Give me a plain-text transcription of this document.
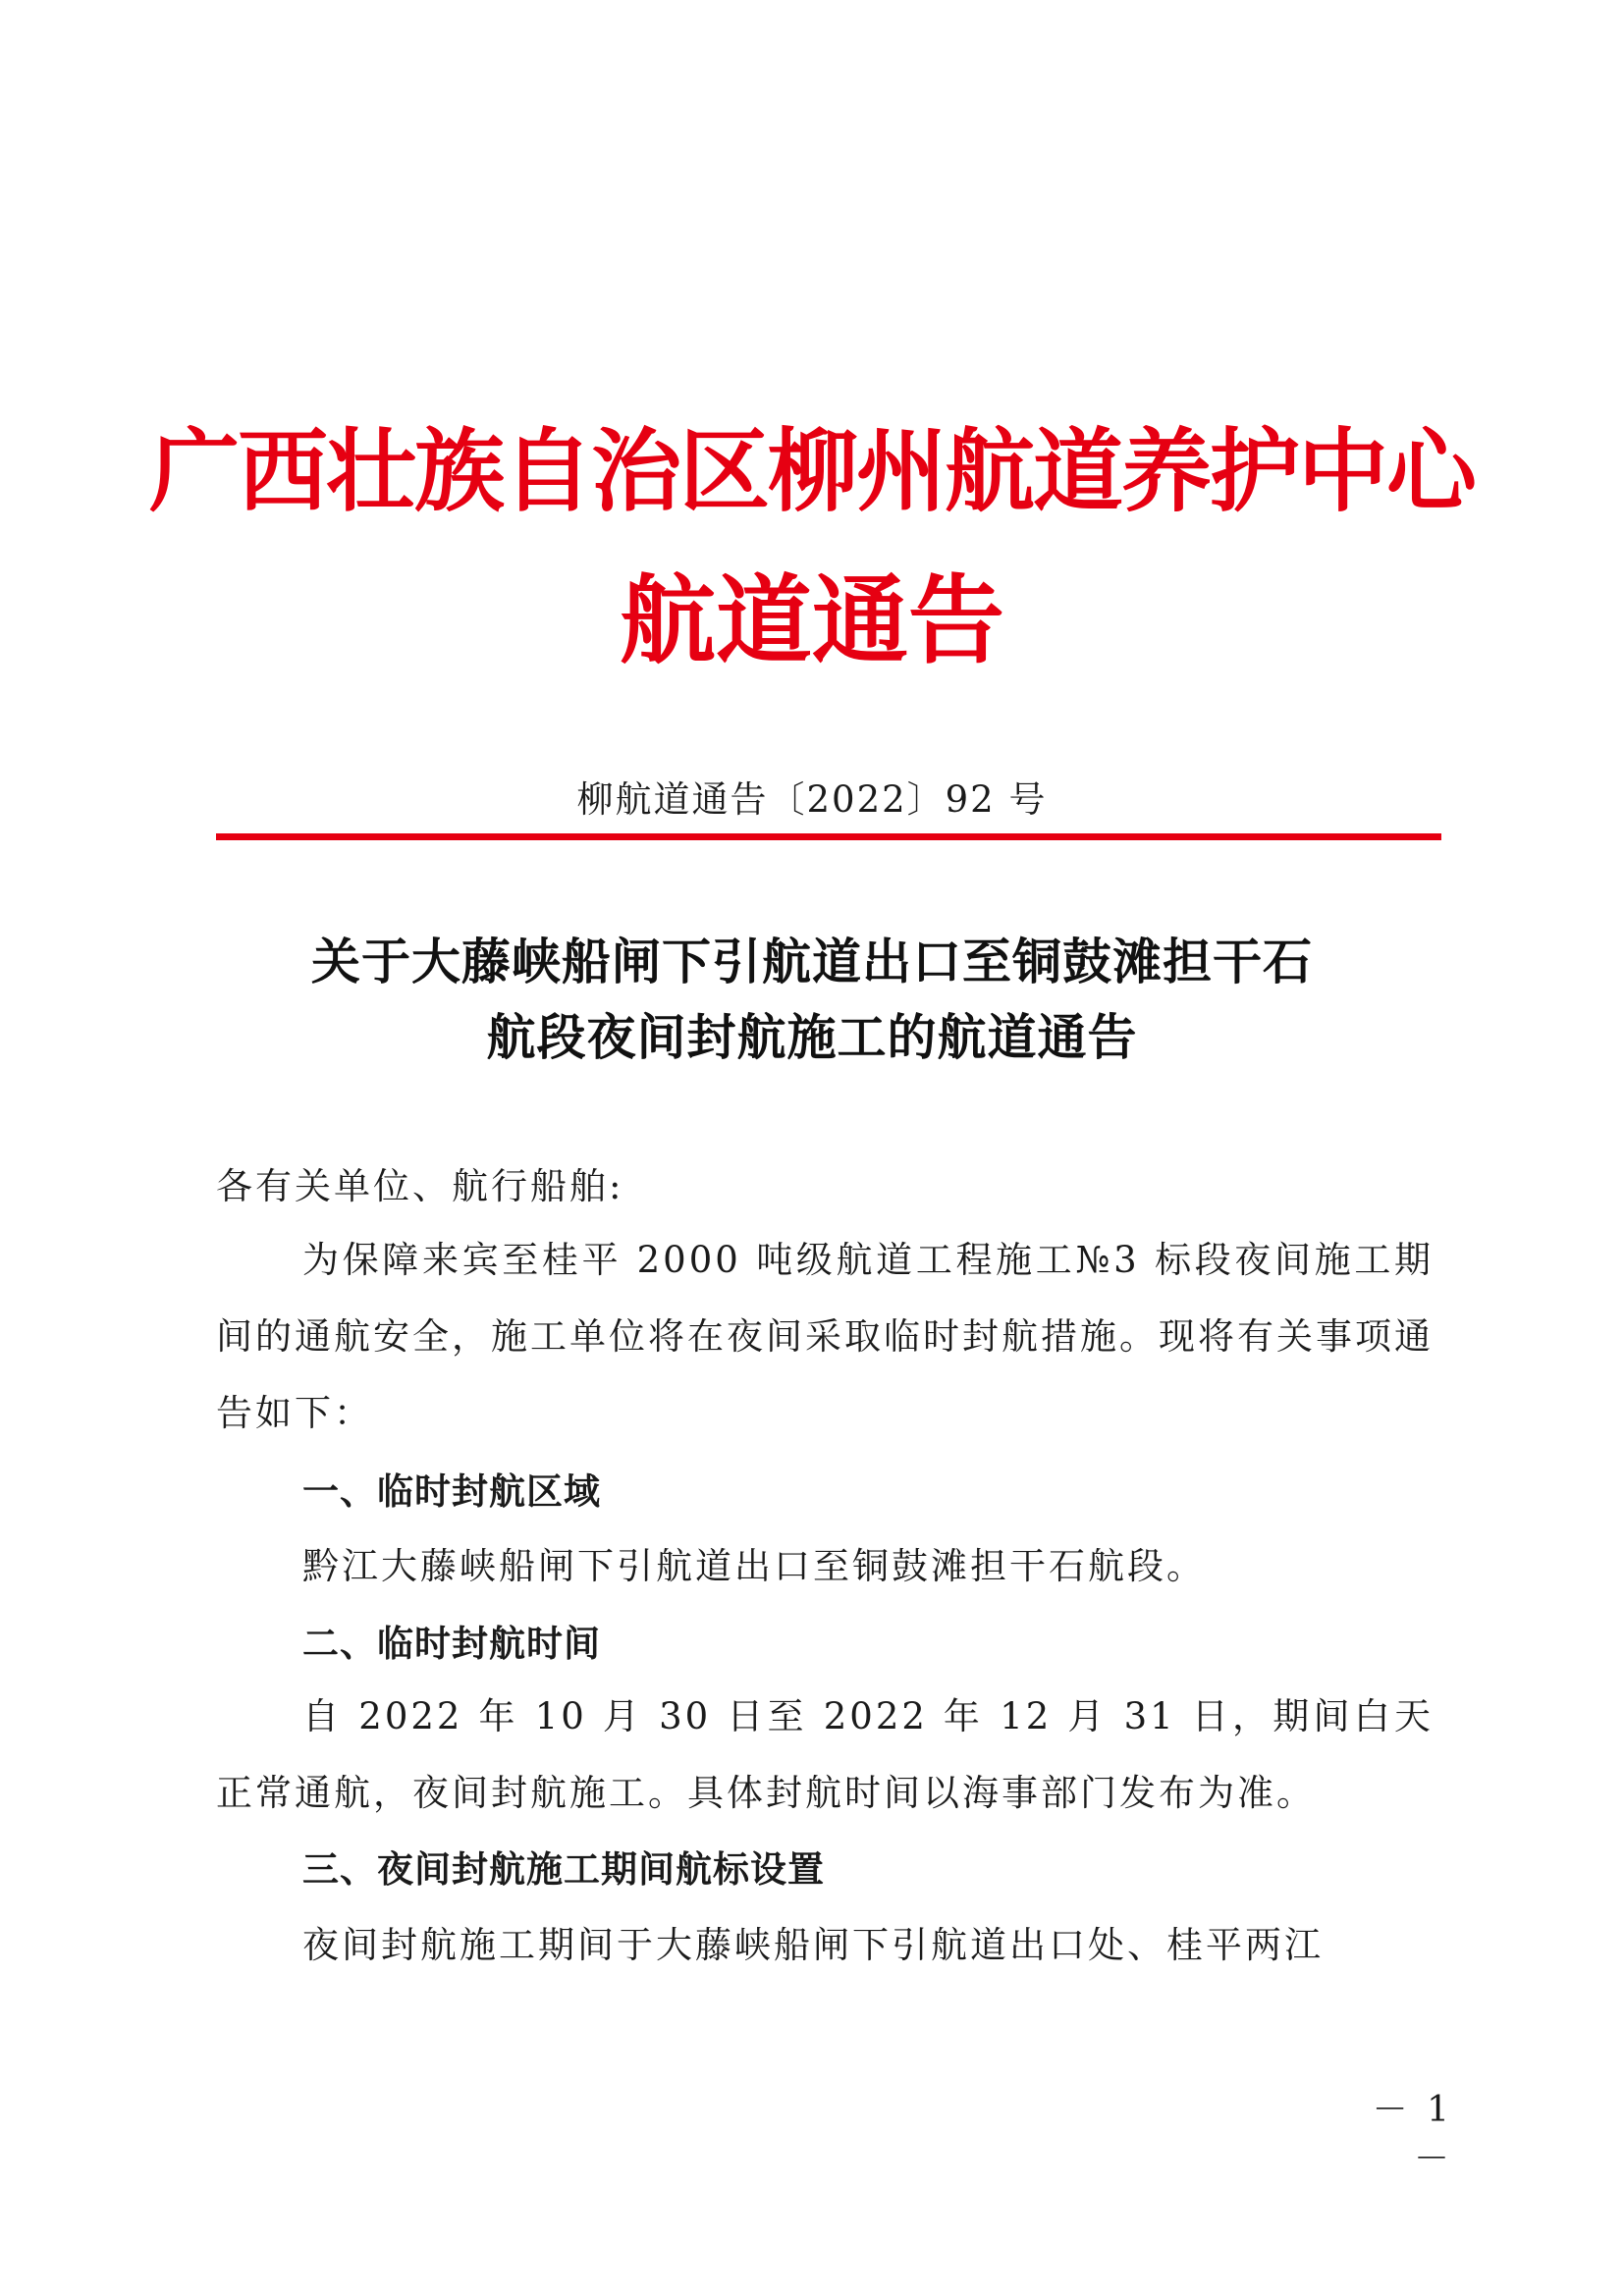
广西壮族自治区柳州航道养护中心
航道通告
柳航道通告〔2022〕92 号
关于大藤峡船闸下引航道出口至铜鼓滩担干石
航段夜间封航施工的航道通告
各有关单位、航行船舶:
为保障来宾至桂平 2000 吨级航道工程施工№3 标段夜间施工期间的通航安全，施工单位将在夜间采取临时封航措施。现将有关事项通告如下：
一、临时封航区域
黔江大藤峡船闸下引航道出口至铜鼓滩担干石航段。
二、临时封航时间
自 2022 年 10 月 30 日至 2022 年 12 月 31 日，期间白天正常通航，夜间封航施工。具体封航时间以海事部门发布为准。
三、夜间封航施工期间航标设置
夜间封航施工期间于大藤峡船闸下引航道出口处、桂平两江
－ 1 －
